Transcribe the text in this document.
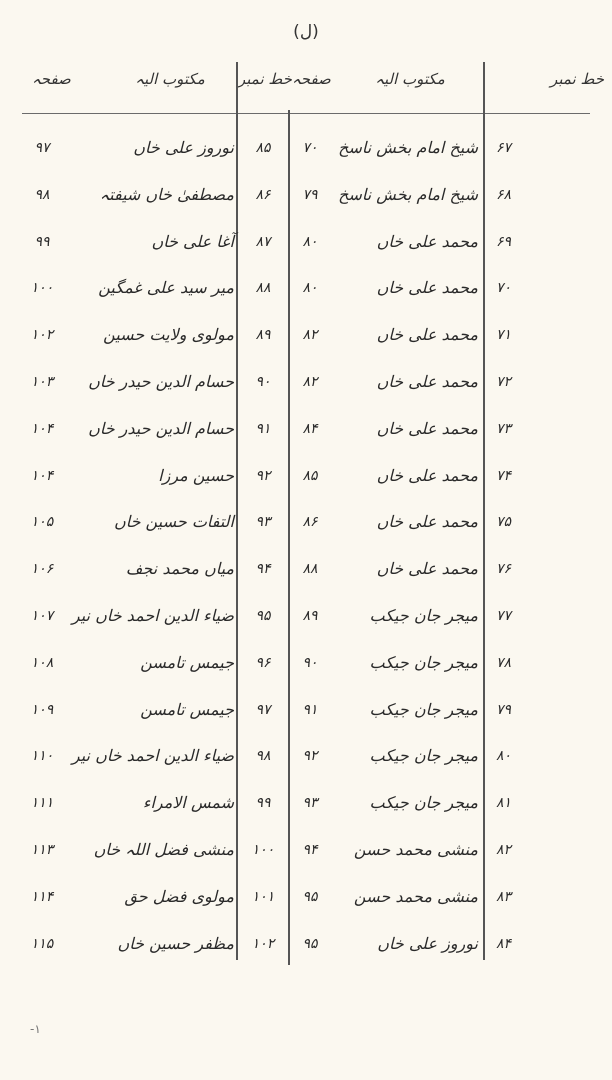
(ل)
خط نمبر
مکتوب الیہ
صفحہ
خط نمبر
مکتوب الیہ
صفحہ
۶۷
شیخ امام بخش ناسخ
۷۰
۸۵
نوروز علی خاں
۹۷
۶۸
شیخ امام بخش ناسخ
۷۹
۸۶
مصطفیٰ خاں شیفتہ
۹۸
۶۹
محمد علی خاں
۸۰
۸۷
آغا علی خاں
۹۹
۷۰
محمد علی خاں
۸۰
۸۸
میر سید علی غمگین
۱۰۰
۷۱
محمد علی خاں
۸۲
۸۹
مولوی ولایت حسین
۱۰۲
۷۲
محمد علی خاں
۸۲
۹۰
حسام الدین حیدر خاں
۱۰۳
۷۳
محمد علی خاں
۸۴
۹۱
حسام الدین حیدر خاں
۱۰۴
۷۴
محمد علی خاں
۸۵
۹۲
حسین مرزا
۱۰۴
۷۵
محمد علی خاں
۸۶
۹۳
التفات حسین خاں
۱۰۵
۷۶
محمد علی خاں
۸۸
۹۴
میاں محمد نجف
۱۰۶
۷۷
میجر جان جیکب
۸۹
۹۵
ضیاء الدین احمد خاں نیر
۱۰۷
۷۸
میجر جان جیکب
۹۰
۹۶
جیمس تامسن
۱۰۸
۷۹
میجر جان جیکب
۹۱
۹۷
جیمس تامسن
۱۰۹
۸۰
میجر جان جیکب
۹۲
۹۸
ضیاء الدین احمد خاں نیر
۱۱۰
۸۱
میجر جان جیکب
۹۳
۹۹
شمس الامراء
۱۱۱
۸۲
منشی محمد حسن
۹۴
۱۰۰
منشی فضل اللہ خاں
۱۱۳
۸۳
منشی محمد حسن
۹۵
۱۰۱
مولوی فضل حق
۱۱۴
۸۴
نوروز علی خاں
۹۵
۱۰۲
مظفر حسین خاں
۱۱۵
-۱
